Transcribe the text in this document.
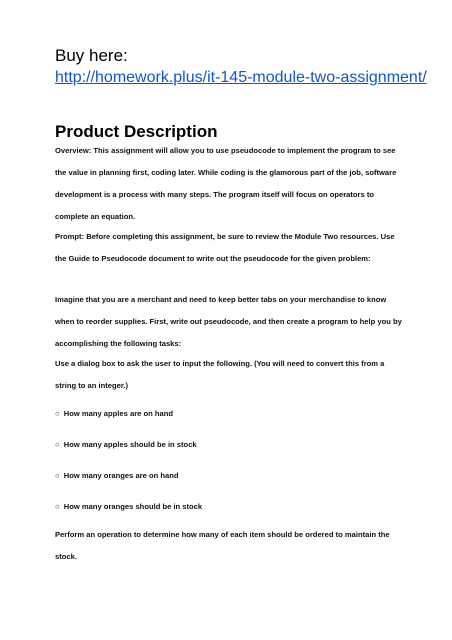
Buy here:
http://homework.plus/it-145-module-two-assignment/
Product Description

Overview: This assignment will allow you to use pseudocode to implement the program to see the value in planning first, coding later. While coding is the glamorous part of the job, software development is a process with many steps. The program itself will focus on operators to complete an equation.

Prompt: Before completing this assignment, be sure to review the Module Two resources. Use the Guide to Pseudocode document to write out the pseudocode for the given problem:

Imagine that you are a merchant and need to keep better tabs on your merchandise to know when to reorder supplies. First, write out pseudocode, and then create a program to help you by accomplishing the following tasks:

Use a dialog box to ask the user to input the following. (You will need to convert this from a string to an integer.)

○ How many apples are on hand
○ How many apples should be in stock
○ How many oranges are on hand
○ How many oranges should be in stock

Perform an operation to determine how many of each item should be ordered to maintain the stock.
